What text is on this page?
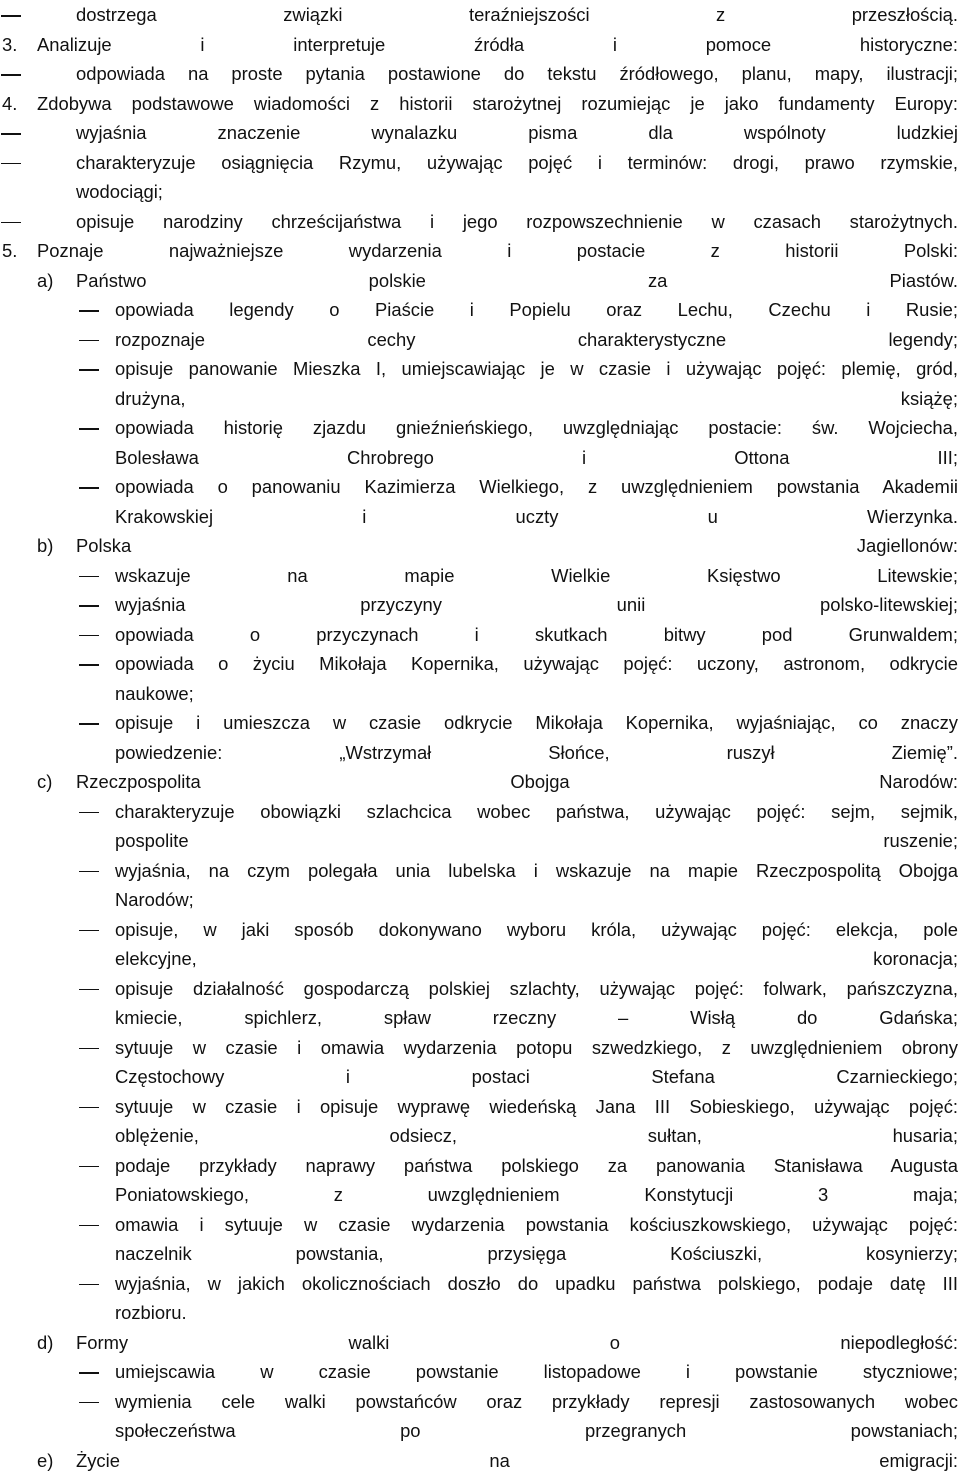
dostrzega związki teraźniejszości z przeszłością.
3. Analizuje i interpretuje źródła i pomoce historyczne:
odpowiada na proste pytania postawione do tekstu źródłowego, planu, mapy, ilustracji;
4. Zdobywa podstawowe wiadomości z historii starożytnej rozumiejąc je jako fundamenty Europy:
wyjaśnia znaczenie wynalazku pisma dla wspólnoty ludzkiej
charakteryzuje osiągnięcia Rzymu, używając pojęć i terminów: drogi, prawo rzymskie,
wodociągi;
opisuje narodziny chrześcijaństwa i jego rozpowszechnienie w czasach starożytnych.
5. Poznaje najważniejsze wydarzenia i postacie z historii Polski:
a) Państwo polskie za Piastów.
opowiada legendy o Piaście i Popielu oraz Lechu, Czechu i Rusie;
rozpoznaje cechy charakterystyczne legendy;
opisuje panowanie Mieszka I, umiejscawiając je w czasie i używając pojęć: plemię, gród,
drużyna, książę;
opowiada historię zjazdu gnieźnieńskiego, uwzględniając postacie: św. Wojciecha,
Bolesława Chrobrego i Ottona III;
opowiada o panowaniu Kazimierza Wielkiego, z uwzględnieniem powstania Akademii
Krakowskiej i uczty u Wierzynka.
b) Polska Jagiellonów:
wskazuje na mapie Wielkie Księstwo Litewskie;
wyjaśnia przyczyny unii polsko-litewskiej;
opowiada o przyczynach i skutkach bitwy pod Grunwaldem;
opowiada o życiu Mikołaja Kopernika, używając pojęć: uczony, astronom, odkrycie
naukowe;
opisuje i umieszcza w czasie odkrycie Mikołaja Kopernika, wyjaśniając, co znaczy
powiedzenie: „Wstrzymał Słońce, ruszył Ziemię”.
c) Rzeczpospolita Obojga Narodów:
charakteryzuje obowiązki szlachcica wobec państwa, używając pojęć: sejm, sejmik,
pospolite ruszenie;
wyjaśnia, na czym polegała unia lubelska i wskazuje na mapie Rzeczpospolitą Obojga
Narodów;
opisuje, w jaki sposób dokonywano wyboru króla, używając pojęć: elekcja, pole
elekcyjne, koronacja;
opisuje działalność gospodarczą polskiej szlachty, używając pojęć: folwark, pańszczyzna,
kmiecie, spichlerz, spław rzeczny – Wisłą do Gdańska;
sytuuje w czasie i omawia wydarzenia potopu szwedzkiego, z uwzględnieniem obrony
Częstochowy i postaci Stefana Czarnieckiego;
sytuuje w czasie i opisuje wyprawę wiedeńską Jana III Sobieskiego, używając pojęć:
oblężenie, odsiecz, sułtan, husaria;
podaje przykłady naprawy państwa polskiego za panowania Stanisława Augusta
Poniatowskiego, z uwzględnieniem Konstytucji 3 maja;
omawia i sytuuje w czasie wydarzenia powstania kościuszkowskiego, używając pojęć:
naczelnik powstania, przysięga Kościuszki, kosynierzy;
wyjaśnia, w jakich okolicznościach doszło do upadku państwa polskiego, podaje datę III
rozbioru.
d) Formy walki o niepodległość:
umiejscawia w czasie powstanie listopadowe i powstanie styczniowe;
wymienia cele walki powstańców oraz przykłady represji zastosowanych wobec
społeczeństwa po przegranych powstaniach;
e) Życie na emigracji:
